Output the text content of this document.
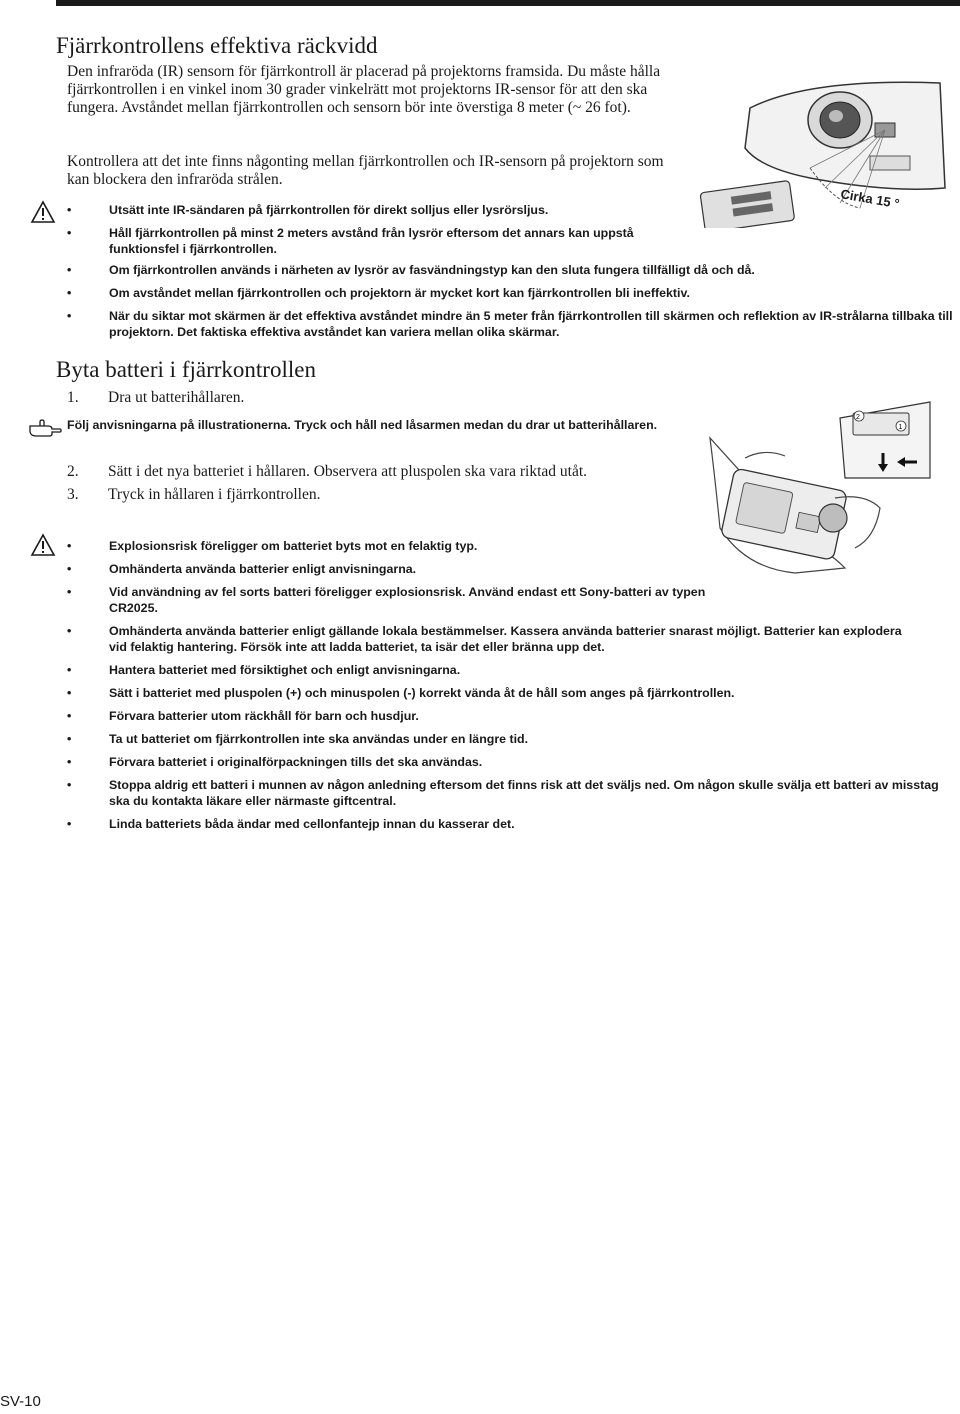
Fjärrkontrollens effektiva räckvidd

Den infraröda (IR) sensorn för fjärrkontroll är placerad på projektorns framsida. Du måste hålla fjärrkontrollen i en vinkel inom 30 grader vinkelrätt mot projektorns IR-sensor för att den ska fungera. Avståndet mellan fjärrkontrollen och sensorn bör inte överstiga 8 meter (~ 26 fot).

Kontrollera att det inte finns någonting mellan fjärrkontrollen och IR-sensorn på projektorn som kan blockera den infraröda strålen.

•	Utsätt inte IR-sändaren på fjärrkontrollen för direkt solljus eller lysrörsljus.
•	Håll fjärrkontrollen på minst 2 meters avstånd från lysrör eftersom det annars kan uppstå funktionsfel i fjärrkontrollen.
•	Om fjärrkontrollen används i närheten av lysrör av fasvändningstyp kan den sluta fungera tillfälligt då och då.
•	Om avståndet mellan fjärrkontrollen och projektorn är mycket kort kan fjärrkontrollen bli ineffektiv.
•	När du siktar mot skärmen är det effektiva avståndet mindre än 5 meter från fjärrkontrollen till skärmen och reflektion av IR-strålarna tillbaka till projektorn. Det faktiska effektiva avståndet kan variera mellan olika skärmar.
Cirka 15 °
Byta batteri i fjärrkontrollen
1. Dra ut batterihållaren.

Följ anvisningarna på illustrationerna. Tryck och håll ned låsarmen medan du drar ut batterihållaren.

2. Sätt i det nya batteriet i hållaren. Observera att pluspolen ska vara riktad utåt.
3. Tryck in hållaren i fjärrkontrollen.
2
1
•	Explosionsrisk föreligger om batteriet byts mot en felaktig typ.
•	Omhänderta använda batterier enligt anvisningarna.
•	Vid användning av fel sorts batteri föreligger explosionsrisk. Använd endast ett Sony-batteri av typen CR2025.
•	Omhänderta använda batterier enligt gällande lokala bestämmelser. Kassera använda batterier snarast möjligt. Batterier kan explodera vid felaktig hantering. Försök inte att ladda batteriet, ta isär det eller bränna upp det.
•	Hantera batteriet med försiktighet och enligt anvisningarna.
•	Sätt i batteriet med pluspolen (+) och minuspolen (-) korrekt vända åt de håll som anges på fjärrkontrollen.
•	Förvara batterier utom räckhåll för barn och husdjur.
•	Ta ut batteriet om fjärrkontrollen inte ska användas under en längre tid.
•	Förvara batteriet i originalförpackningen tills det ska användas.
•	Stoppa aldrig ett batteri i munnen av någon anledning eftersom det finns risk att det sväljs ned. Om någon skulle svälja ett batteri av misstag ska du kontakta läkare eller närmaste giftcentral.
•	Linda batteriets båda ändar med cellonfantejp innan du kasserar det.
SV-10
